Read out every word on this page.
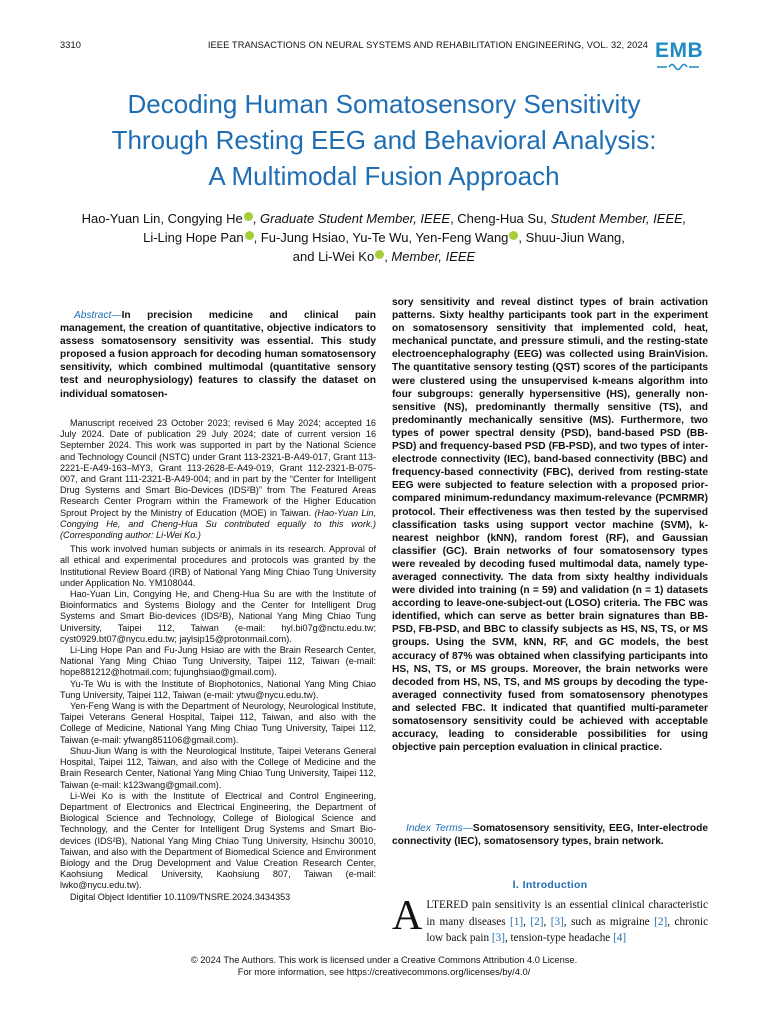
3310	IEEE TRANSACTIONS ON NEURAL SYSTEMS AND REHABILITATION ENGINEERING, VOL. 32, 2024 EMB
Decoding Human Somatosensory Sensitivity
Through Resting EEG and Behavioral Analysis:
A Multimodal Fusion Approach
Hao-Yuan Lin, Congying He , Graduate Student Member, IEEE, Cheng-Hua Su, Student Member, IEEE,
Li-Ling Hope Pan , Fu-Jung Hsiao, Yu-Te Wu, Yen-Feng Wang , Shuu-Jiun Wang,
and Li-Wei Ko , Member, IEEE

Abstract—In precision medicine and clinical pain management, the creation of quantitative, objective indicators to assess somatosensory sensitivity was essential. This study proposed a fusion approach for decoding human somatosensory sensitivity, which combined multimodal (quantitative sensory test and neurophysiology) features to classify the dataset on individual somatosen-

Manuscript received 23 October 2023; revised 6 May 2024; accepted 16 July 2024. Date of publication 29 July 2024; date of current version 16 September 2024. This work was supported in part by the National Science and Technology Council (NSTC) under Grant 113-2321-B-A49-017, Grant 113-2221-E-A49-163–MY3, Grant 113-2628-E-A49-019, Grant 112-2321-B-075-007, and Grant 111-2321-B-A49-004; and in part by the “Center for Intelligent Drug Systems and Smart Bio-Devices (IDS²B)” from The Featured Areas Research Center Program within the Framework of the Higher Education Sprout Project by the Ministry of Education (MOE) in Taiwan. (Hao-Yuan Lin, Congying He, and Cheng-Hua Su contributed equally to this work.) (Corresponding author: Li-Wei Ko.)

This work involved human subjects or animals in its research. Approval of all ethical and experimental procedures and protocols was granted by the Institutional Review Board (IRB) of National Yang Ming Chiao Tung University under Application No. YM108044.

Hao-Yuan Lin, Congying He, and Cheng-Hua Su are with the Institute of Bioinformatics and Systems Biology and the Center for Intelligent Drug Systems and Smart Bio-devices (IDS²B), National Yang Ming Chiao Tung University, Taipei 112, Taiwan (e-mail: hyl.bi07g@nctu.edu.tw; cyst0929.bt07@nycu.edu.tw; jaylsip15@protonmail.com).

Li-Ling Hope Pan and Fu-Jung Hsiao are with the Brain Research Center, National Yang Ming Chiao Tung University, Taipei 112, Taiwan (e-mail: hope881212@hotmail.com; fujunghsiao@gmail.com).

Yu-Te Wu is with the Institute of Biophotonics, National Yang Ming Chiao Tung University, Taipei 112, Taiwan (e-mail: ytwu@nycu.edu.tw).

Yen-Feng Wang is with the Department of Neurology, Neurological Institute, Taipei Veterans General Hospital, Taipei 112, Taiwan, and also with the College of Medicine, National Yang Ming Chiao Tung University, Taipei 112, Taiwan (e-mail: yfwang851106@gmail.com).

Shuu-Jiun Wang is with the Neurological Institute, Taipei Veterans General Hospital, Taipei 112, Taiwan, and also with the College of Medicine and the Brain Research Center, National Yang Ming Chiao Tung University, Taipei 112, Taiwan (e-mail: k123wang@gmail.com).

Li-Wei Ko is with the Institute of Electrical and Control Engineering, Department of Electronics and Electrical Engineering, the Department of Biological Science and Technology, College of Biological Science and Technology, and the Center for Intelligent Drug Systems and Smart Bio-devices (IDS²B), National Yang Ming Chiao Tung University, Hsinchu 30010, Taiwan, and also with the Department of Biomedical Science and Environment Biology and the Drug Development and Value Creation Research Center, Kaohsiung Medical University, Kaohsiung 807, Taiwan (e-mail: lwko@nycu.edu.tw).

Digital Object Identifier 10.1109/TNSRE.2024.3434353

sory sensitivity and reveal distinct types of brain activation patterns. Sixty healthy participants took part in the experiment on somatosensory sensitivity that implemented cold, heat, mechanical punctate, and pressure stimuli, and the resting-state electroencephalography (EEG) was collected using BrainVision. The quantitative sensory testing (QST) scores of the participants were clustered using the unsupervised k-means algorithm into four subgroups: generally hypersensitive (HS), generally non-sensitive (NS), predominantly thermally sensitive (TS), and predominantly mechanically sensitive (MS). Furthermore, two types of power spectral density (PSD), band-based PSD (BB-PSD) and frequency-based PSD (FB-PSD), and two types of inter-electrode connectivity (IEC), band-based connectivity (BBC) and frequency-based connectivity (FBC), derived from resting-state EEG were subjected to feature selection with a proposed prior-compared minimum-redundancy maximum-relevance (PCMRMR) protocol. Their effectiveness was then tested by the supervised classification tasks using support vector machine (SVM), k-nearest neighbor (kNN), random forest (RF), and Gaussian classifier (GC). Brain networks of four somatosensory types were revealed by decoding fused multimodal data, namely type-averaged connectivity. The data from sixty healthy individuals were divided into training (n = 59) and validation (n = 1) datasets according to leave-one-subject-out (LOSO) criteria. The FBC was identified, which can serve as better brain signatures than BB-PSD, FB-PSD, and BBC to classify subjects as HS, NS, TS, or MS groups. Using the SVM, kNN, RF, and GC models, the best accuracy of 87% was obtained when classifying participants into HS, NS, TS, or MS groups. Moreover, the brain networks were decoded from HS, NS, TS, and MS groups by decoding the type-averaged connectivity fused from somatosensory phenotypes and selected FBC. It indicated that quantified multi-parameter somatosensory sensitivity could be achieved with acceptable accuracy, leading to considerable possibilities for using objective pain perception evaluation in clinical practice.

Index Terms—Somatosensory sensitivity, EEG, Inter-electrode connectivity (IEC), somatosensory types, brain network.

I. Introduction

ALTERED pain sensitivity is an essential clinical characteristic in many diseases [1], [2], [3], such as migraine [2], chronic low back pain [3], tension-type headache [4]

© 2024 The Authors. This work is licensed under a Creative Commons Attribution 4.0 License.
For more information, see https://creativecommons.org/licenses/by/4.0/
